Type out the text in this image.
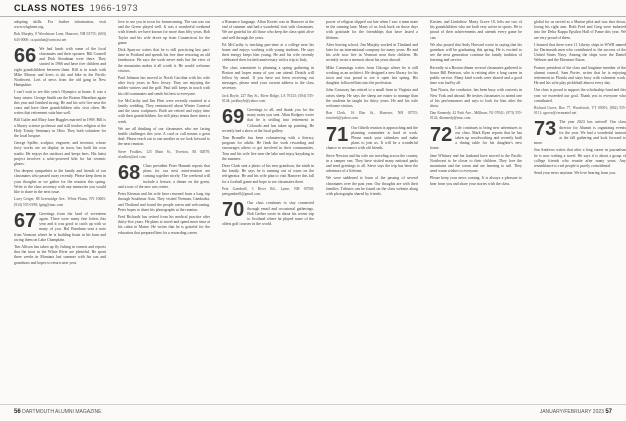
CLASS NOTES 1966-1973

adopting skills. For further information, visit www.whgfarm.org.

Bob Murphy, 8 Woodstone Lane, Hanover, NH 03755; (603) 643-0000; ca.quinlan@comcast.net

66 We had lunch with some of the local classmates and their spouses. Bill Connell and Dick Steadman were there. They started in 1966 and have five children and eight grandchildren between them. Bill is in touch with Mike Murray and loves to ski and bike in the Pacific Northwest. Lots of news from the old gang in New Hampshire.

I can't wait to see this year's Olympics at home. It was a busy winter. George Smith ran the Boston Marathon again this year and finished strong. He and his wife live near the coast and have three grandchildren who visit often. He writes that retirement suits him well.

Bill Cutler and Mary Jane Ruggles married in 1969. Bill is a library science professor and still teaches religion at the Holy Trinity Seminary in Ohio. They both volunteer for the local hospice.

George Spiller, sculptor, engraver, and inventor, whose forty works are on display in town, has built his own studio. He enjoys the outdoors and keeps bees. His latest project involves a solar-powered kiln for his ceramic glazes.

Our deepest sympathies to the family and friends of our classmates who passed away recently. Please keep them in your thoughts as we gather for the reunion this spring. Write to the class secretary with any memories you would like to share in the next issue.

Larry Geiger, 88 Greenridge Ave., White Plains, NY 10605; (914) 555-0198; lgeig@mac.com

67 Greetings from the land of seventeen again. There were many fine letters this year and it was good to catch up with so many of you. Hal Burnham sent a note from Vermont where he is building boats in his barn and racing them on Lake Champlain.

Tim Allison has taken up fly fishing in earnest and reports that the trout in the White River are plentiful. He spent three weeks in Montana last summer with his son and grandsons and hopes to return next year.

love to see you in town for homecoming. The sun was out and the Green played well. It was a wonderful weekend with friends we have known for more than fifty years. Bob Taylor and his wife drove up from Connecticut for the game.

Dick Sparrow writes that he is still practicing law part-time in Portland and spends his free time restoring an old farmhouse. He says the work never ends but the view of the mountains makes it all worth it. He would welcome visitors.

Paul Johnson has moved to North Carolina with his wife after forty years in New Jersey. They are enjoying the milder winters and the golf. Paul still keeps in touch with his old roommates and sends his best to everyone.

Joe McCarthy and Jim Flint were recently reunited at a family wedding. They reminisced about Winter Carnival and the snow sculptures. Both are retired and enjoy time with their grandchildren. Joe still plays tennis three times a week.

We are all thinking of our classmates who are facing health challenges this year. A card or call means a great deal. Please reach out to one another as we look forward to the next reunion.

Steve Foulkes, 123 Main St., Tiverton, RI 02878; sfoulkes@aol.com

68 Class president Peter Hannah reports that plans for our next mini-reunion are coming together nicely. The weekend will include a lecture, a dinner on the green, and a tour of the new arts center.

Peter Kiernan and his wife have returned from a long trip through Southeast Asia. They visited Vietnam, Cambodia, and Thailand and found the people warm and welcoming. Peter hopes to share his photographs at the reunion.

Fred Richards has retired from his medical practice after thirty-five years. He plans to travel and spend more time at his cabin in Maine. He writes that he is grateful for the education that prepared him for a rewarding career.

a Romance language. Allan Kovett was in Hanover at the end of summer and had a wonderful visit with classmates. We are grateful for all those who keep the class spirit alive and well through the years.

Ed McCarthy is teaching part-time at a college near his home and enjoys working with young students. He says their energy keeps him young. He and his wife recently celebrated their fortieth anniversary with a trip to Italy.

The class committee is planning a spring gathering in Boston and hopes many of you can attend. Details will follow by email. If you have not been receiving our messages, please send your current address to the class secretary.

Jack Boyle, 227 Bay St., River Ridge, LA 70123; (504) 555-0144; jackboyle@yahoo.com

69 Greetings to all, and thank you for the many notes you sent. Allan Rodgers wrote that he is settling into retirement in Colorado and has taken up painting. He recently had a show at the local gallery.

Tom Brunelle has been volunteering with a literacy program for adults. He finds the work rewarding and encourages others to get involved in their communities. Tom and his wife live near the lake and enjoy kayaking in the summer.

Dave Clark sent a photo of his new grandson, the ninth in the family. He says he is running out of room on the refrigerator. He and his wife plan to visit Hanover this fall for a football game and hope to see classmates there.

Pete Gambrell, 5 River Rd., Lyme, NH 03768; petegambrell@gmail.com

70 Our class continues to stay connected through email and occasional gatherings. Bob Gerber wrote in about his recent trip to Scotland where he played some of the oldest golf courses in the world.

power of religion slipped out late when I saw a team mate in the running lane. Many of us look back on those days with gratitude for the friendships that have lasted a lifetime.

After leaving school, Jim Murphy worked in Thailand and later for an international company for many years. He and his wife now live in Vermont near their children. He recently wrote a memoir about his years abroad.

Mike Cummings writes from Chicago where he is still working as an architect. He designed a new library for his town and was proud to see it open last spring. His daughter followed him into the profession.

John Conaway has retired to a small farm in Virginia and raises sheep. He says the sheep are easier to manage than the students he taught for thirty years. He and his wife welcome visitors.

Ron Clerk, 16 Elm St., Hanover, NH 03755; ronclerk@yahoo.com

71 Our fiftieth reunion is approaching and the planning committee is hard at work. Please mark your calendars and make plans to join us. It will be a wonderful chance to reconnect with old friends.

Steve Newton and his wife are traveling across the country in a camper van. They have visited many national parks and send greetings to all. Steve says the trip has been the adventure of a lifetime.

We were saddened to learn of the passing of several classmates over the past year. Our thoughts are with their families. Tributes can be found on the class website along with photographs shared by friends.

Kirsten, and Lindaliew. Marty Grove 10, lefts are two of his grandchildren who are both very active in sports. He is proud of their achievements and attends every game he can.

We also posted that Andy Harvard wrote in saying that his grandson will be graduating this spring. He is excited to see the next generation continue the family tradition of learning and service.

Recently at a Boston dinner several classmates gathered to honor Bill Peterson, who is retiring after a long career in public service. Many kind words were shared and a good time was had by all.

Tom Norris, the conductor, has been busy with concerts in New York and abroad. He invites classmates to attend one of his performances and says to look for him after the show.

Dan Kennedy, 42 Park Ave., Millburn, NJ 07041; (973) 555-0122; dkennedy@mac.com

72 Life continues to bring new adventures to our class. Mark Ryan reports that he has taken up woodworking and recently built a dining table for his daughter's new home.

Jane Whitney and her husband have moved to the Pacific Northwest to be closer to their children. They love the mountains and the ocean and are learning to sail. They send warm wishes to everyone.

Please keep your news coming. It is always a pleasure to hear from you and share your stories with the class.

global for us served as a Marine pilot and was shot down, losing his right arm. Both Fred and Greg were inducted into the Delta Kappa Epsilon Hall of Fame this year. We are very proud of them.

I learned that there were 11 Liberty ships in WWII named for Dartmouth men who contributed to the success of the United States Navy. Among the ships were the Daniel Webster and the Ebenezer Eaton.

Former president of the class and longtime member of the alumni council, Sam Porter, writes that he is enjoying retirement in Florida and stays busy with volunteer work. He and his wife play pickleball almost every day.

Our class is proud to support the scholarship fund and this year we exceeded our goal. Thank you to everyone who contributed.

Richard Grove, Box 77, Woodstock, VT 05091; (802) 555-0111; rgrove@vermontel.net

73 The year 2023 has arrived! Our class director for Alumni is organizing events for the year. We had a wonderful turnout at the fall gathering and look forward to more.

Jim Andrews writes that after a long career in journalism he is now writing a novel. He says it is about a group of college friends who reunite after many years. Any resemblance to real people is purely coincidental.

Send your news anytime. We love hearing from you.

56 DARTMOUTH ALUMNI MAGAZINE	JANUARY/FEBRUARY 2023 57
